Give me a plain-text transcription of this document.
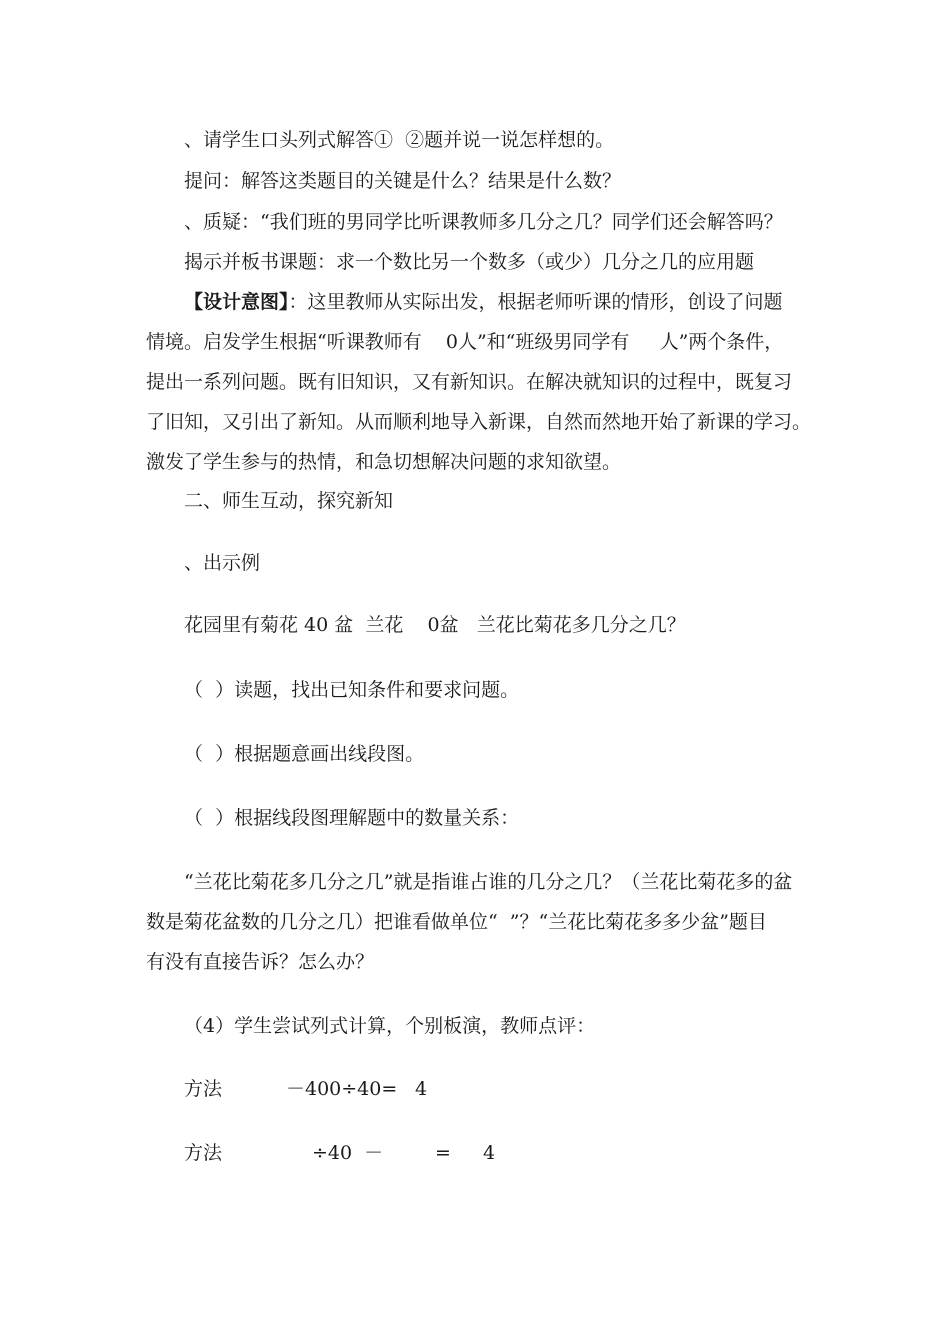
、请学生口头列式解答①  ②题并说一说怎样想的。
提问：解答这类题目的关键是什么？结果是什么数？
、质疑：“我们班的男同学比听课教师多几分之几？同学们还会解答吗？
揭示并板书课题：求一个数比另一个数多（或少）几分之几的应用题
【设计意图】：这里教师从实际出发，根据老师听课的情形，创设了问题
情境。启发学生根据“听课教师有    0人”和“班级男同学有     人”两个条件，
提出一系列问题。既有旧知识，又有新知识。在解决就知识的过程中，既复习
了旧知，又引出了新知。从而顺利地导入新课，自然而然地开始了新课的学习。
激发了学生参与的热情，和急切想解决问题的求知欲望。
二、师生互动，探究新知
、出示例
花园里有菊花 40 盆  兰花    0盆   兰花比菊花多几分之几？
（  ）读题，找出已知条件和要求问题。
（  ）根据题意画出线段图。
（  ）根据线段图理解题中的数量关系：
“兰花比菊花多几分之几”就是指谁占谁的几分之几？（兰花比菊花多的盆
数是菊花盆数的几分之几）把谁看做单位“  ”？“兰花比菊花多多少盆”题目
有没有直接告诉？怎么办？
（4）学生尝试列式计算，个别板演，教师点评：
方法	－400÷40= 4
方法	÷40  －	= 4
